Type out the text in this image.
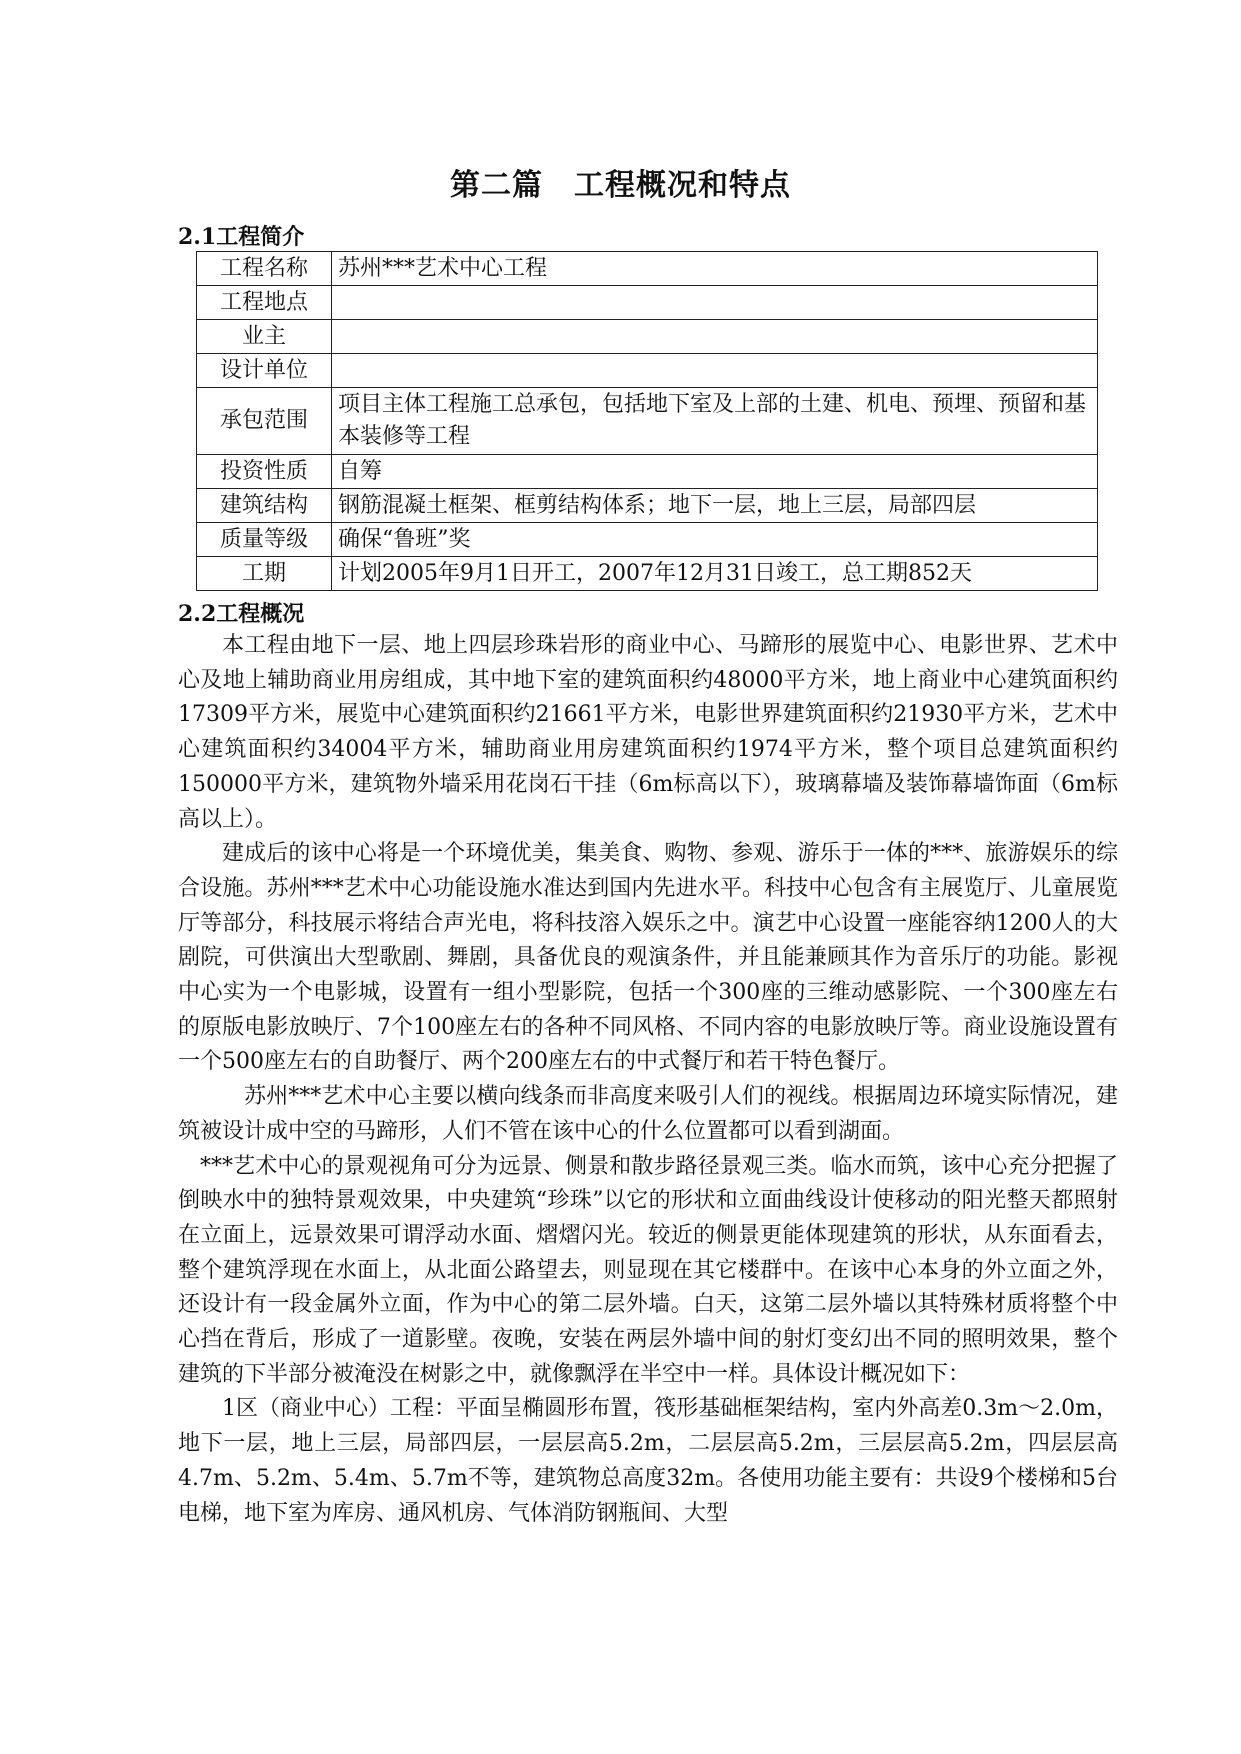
第二篇　工程概况和特点
2.1工程简介
工程名称	苏州***艺术中心工程
工程地点	
业主	
设计单位	
承包范围	项目主体工程施工总承包，包括地下室及上部的土建、机电、预埋、预留和基本装修等工程
投资性质	自筹
建筑结构	钢筋混凝土框架、框剪结构体系；地下一层，地上三层，局部四层
质量等级	确保“鲁班”奖
工期	计划2005年9月1日开工，2007年12月31日竣工，总工期852天
2.2工程概况

本工程由地下一层、地上四层珍珠岩形的商业中心、马蹄形的展览中心、电影世界、艺术中心及地上辅助商业用房组成，其中地下室的建筑面积约48000平方米，地上商业中心建筑面积约17309平方米，展览中心建筑面积约21661平方米，电影世界建筑面积约21930平方米，艺术中心建筑面积约34004平方米，辅助商业用房建筑面积约1974平方米，整个项目总建筑面积约150000平方米，建筑物外墙采用花岗石干挂（6m标高以下），玻璃幕墙及装饰幕墙饰面（6m标高以上）。

建成后的该中心将是一个环境优美，集美食、购物、参观、游乐于一体的***、旅游娱乐的综合设施。苏州***艺术中心功能设施水准达到国内先进水平。科技中心包含有主展览厅、儿童展览厅等部分，科技展示将结合声光电，将科技溶入娱乐之中。演艺中心设置一座能容纳1200人的大剧院，可供演出大型歌剧、舞剧，具备优良的观演条件，并且能兼顾其作为音乐厅的功能。影视中心实为一个电影城，设置有一组小型影院，包括一个300座的三维动感影院、一个300座左右的原版电影放映厅、7个100座左右的各种不同风格、不同内容的电影放映厅等。商业设施设置有一个500座左右的自助餐厅、两个200座左右的中式餐厅和若干特色餐厅。

苏州***艺术中心主要以横向线条而非高度来吸引人们的视线。根据周边环境实际情况，建筑被设计成中空的马蹄形，人们不管在该中心的什么位置都可以看到湖面。

***艺术中心的景观视角可分为远景、侧景和散步路径景观三类。临水而筑，该中心充分把握了倒映水中的独特景观效果，中央建筑“珍珠”以它的形状和立面曲线设计使移动的阳光整天都照射在立面上，远景效果可谓浮动水面、熠熠闪光。较近的侧景更能体现建筑的形状，从东面看去，整个建筑浮现在水面上，从北面公路望去，则显现在其它楼群中。在该中心本身的外立面之外，还设计有一段金属外立面，作为中心的第二层外墙。白天，这第二层外墙以其特殊材质将整个中心挡在背后，形成了一道影壁。夜晚，安装在两层外墙中间的射灯变幻出不同的照明效果，整个建筑的下半部分被淹没在树影之中，就像飘浮在半空中一样。具体设计概况如下：

1区（商业中心）工程：平面呈椭圆形布置，筏形基础框架结构，室内外高差0.3m～2.0m，地下一层，地上三层，局部四层，一层层高5.2m，二层层高5.2m，三层层高5.2m，四层层高4.7m、5.2m、5.4m、5.7m不等，建筑物总高度32m。各使用功能主要有：共设9个楼梯和5台电梯，地下室为库房、通风机房、气体消防钢瓶间、大型
